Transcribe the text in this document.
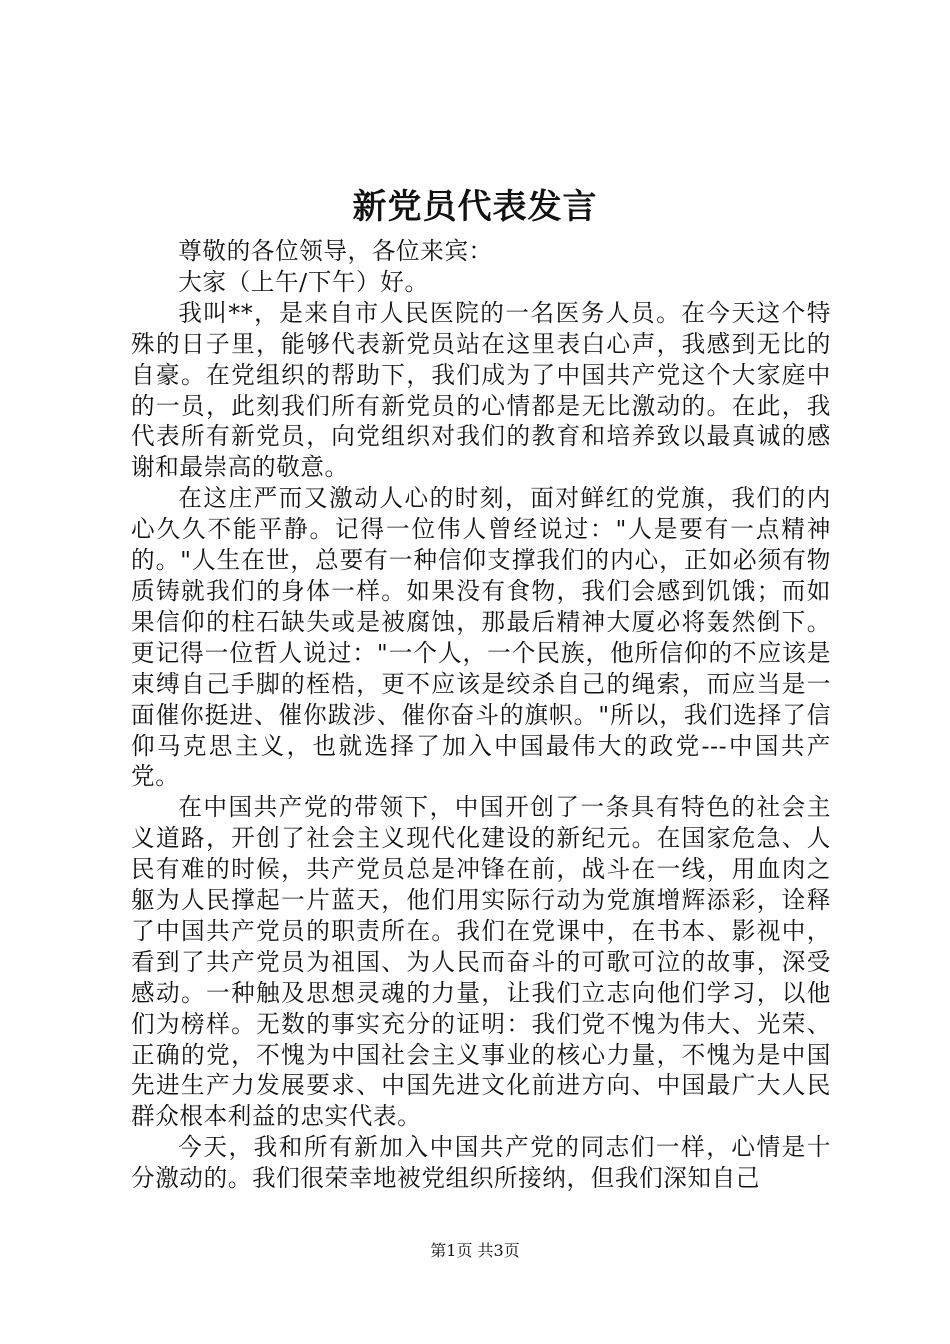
新党员代表发言

尊敬的各位领导，各位来宾：

大家（上午/下午）好。

我叫**，是来自市人民医院的一名医务人员。在今天这个特殊的日子里，能够代表新党员站在这里表白心声，我感到无比的自豪。在党组织的帮助下，我们成为了中国共产党这个大家庭中的一员，此刻我们所有新党员的心情都是无比激动的。在此，我代表所有新党员，向党组织对我们的教育和培养致以最真诚的感谢和最崇高的敬意。

在这庄严而又激动人心的时刻，面对鲜红的党旗，我们的内心久久不能平静。记得一位伟人曾经说过："人是要有一点精神的。"人生在世，总要有一种信仰支撑我们的内心，正如必须有物质铸就我们的身体一样。如果没有食物，我们会感到饥饿；而如果信仰的柱石缺失或是被腐蚀，那最后精神大厦必将轰然倒下。更记得一位哲人说过："一个人，一个民族，他所信仰的不应该是束缚自己手脚的桎梏，更不应该是绞杀自己的绳索，而应当是一面催你挺进、催你跋涉、催你奋斗的旗帜。"所以，我们选择了信仰马克思主义，也就选择了加入中国最伟大的政党---中国共产党。

在中国共产党的带领下，中国开创了一条具有特色的社会主义道路，开创了社会主义现代化建设的新纪元。在国家危急、人民有难的时候，共产党员总是冲锋在前，战斗在一线，用血肉之躯为人民撑起一片蓝天，他们用实际行动为党旗增辉添彩，诠释了中国共产党员的职责所在。我们在党课中，在书本、影视中，看到了共产党员为祖国、为人民而奋斗的可歌可泣的故事，深受感动。一种触及思想灵魂的力量，让我们立志向他们学习，以他们为榜样。无数的事实充分的证明：我们党不愧为伟大、光荣、正确的党，不愧为中国社会主义事业的核心力量，不愧为是中国先进生产力发展要求、中国先进文化前进方向、中国最广大人民群众根本利益的忠实代表。

今天，我和所有新加入中国共产党的同志们一样，心情是十分激动的。我们很荣幸地被党组织所接纳，但我们深知自己

第1页 共3页
